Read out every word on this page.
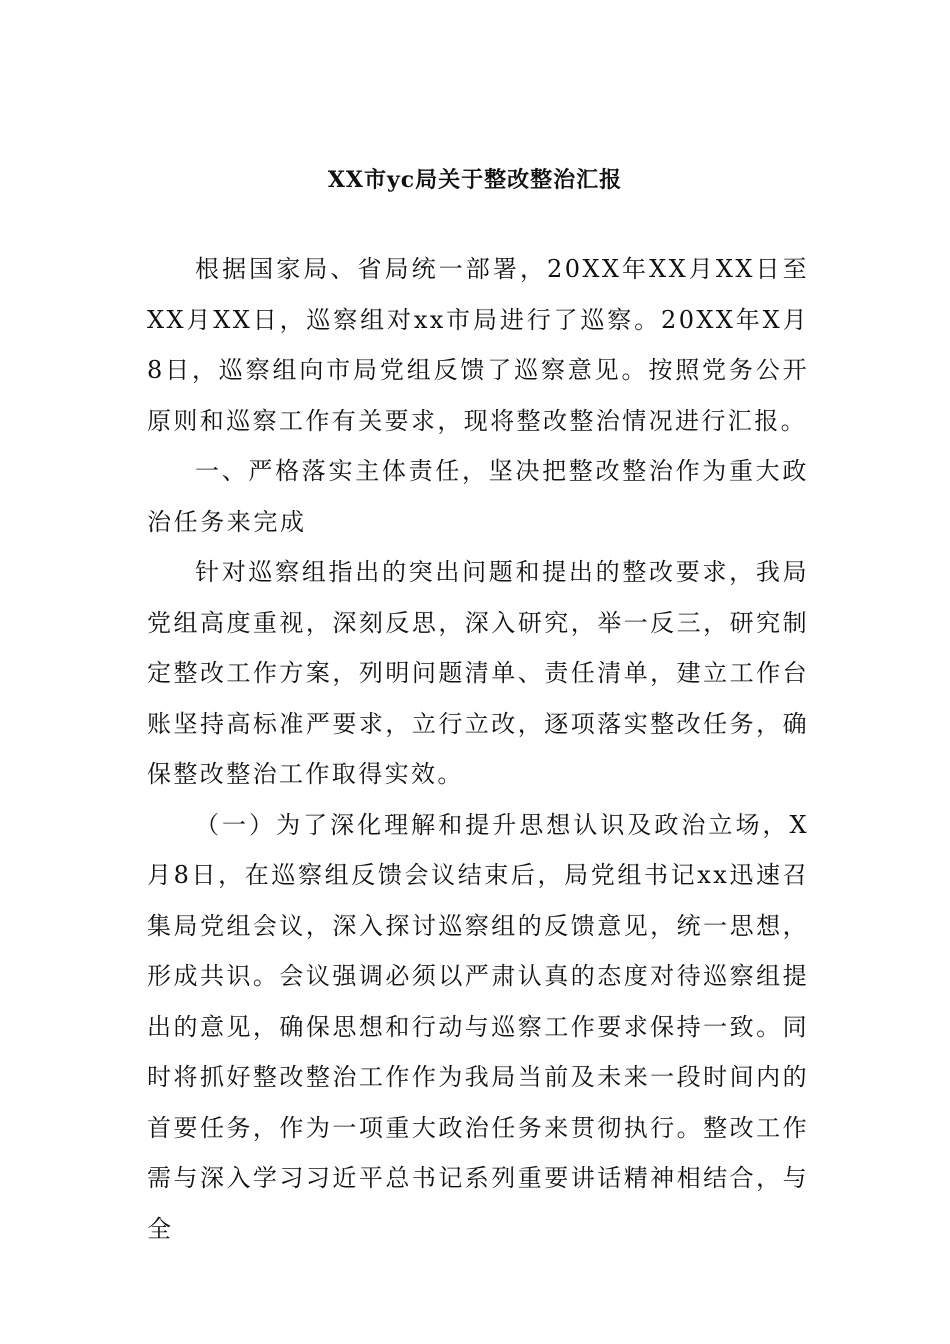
XX市yc局关于整改整治汇报

根据国家局、省局统一部署，20XX年XX月XX日至XX月XX日，巡察组对xx市局进行了巡察。20XX年X月8日，巡察组向市局党组反馈了巡察意见。按照党务公开原则和巡察工作有关要求，现将整改整治情况进行汇报。

一、严格落实主体责任，坚决把整改整治作为重大政治任务来完成

针对巡察组指出的突出问题和提出的整改要求，我局党组高度重视，深刻反思，深入研究，举一反三，研究制定整改工作方案，列明问题清单、责任清单，建立工作台账坚持高标准严要求，立行立改，逐项落实整改任务，确保整改整治工作取得实效。

（一）为了深化理解和提升思想认识及政治立场，X月8日，在巡察组反馈会议结束后，局党组书记xx迅速召集局党组会议，深入探讨巡察组的反馈意见，统一思想，形成共识。会议强调必须以严肃认真的态度对待巡察组提出的意见，确保思想和行动与巡察工作要求保持一致。同时将抓好整改整治工作作为我局当前及未来一段时间内的首要任务，作为一项重大政治任务来贯彻执行。整改工作需与深入学习习近平总书记系列重要讲话精神相结合，与全
